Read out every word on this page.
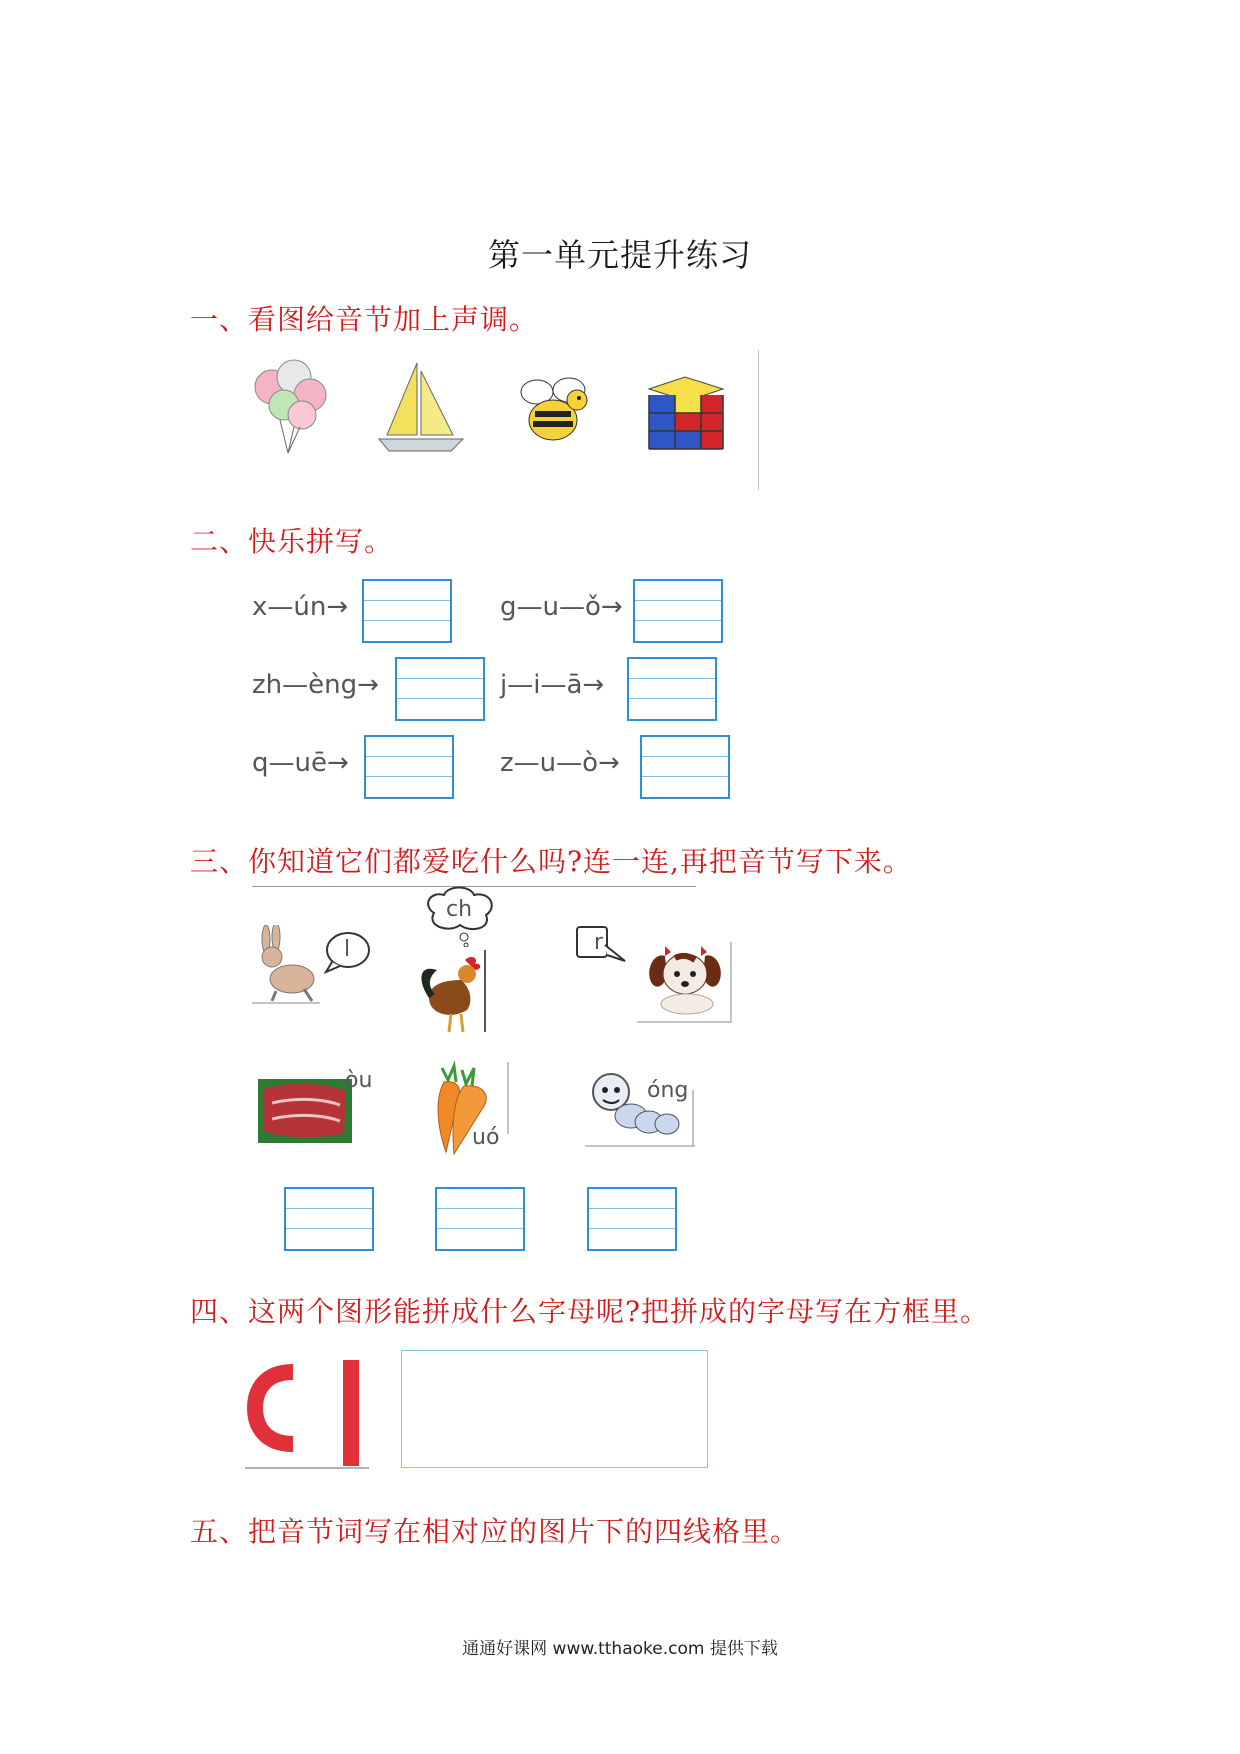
第一单元提升练习
一、看图给音节加上声调。
二、快乐拼写。
x—ún→	g—u—ǒ→
zh—èng→	j—i—ā→
q—uē→	z—u—ò→
三、你知道它们都爱吃什么吗?连一连,再把音节写下来。
l
ch
r
òu
uó
óng
四、这两个图形能拼成什么字母呢?把拼成的字母写在方框里。
五、把音节词写在相对应的图片下的四线格里。
通通好课网 www.tthaoke.com 提供下载
